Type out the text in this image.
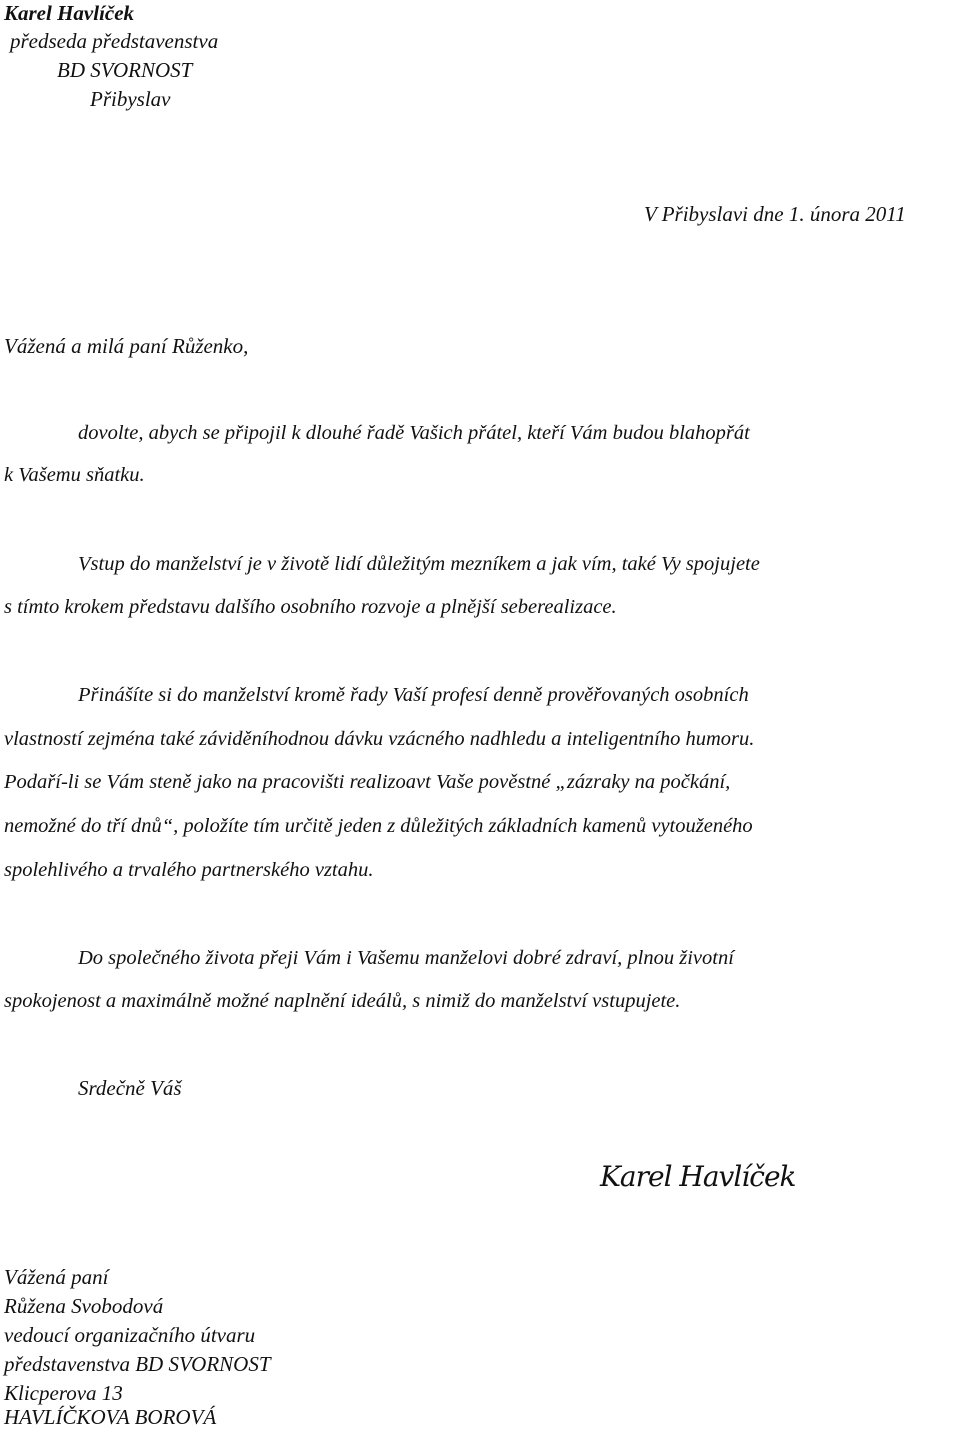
Karel Havlíček
předseda představenstva
BD SVORNOST
Přibyslav
V Přibyslavi dne 1. února 2011
Vážená a milá paní Růženko,
dovolte, abych se připojil k dlouhé řadě Vašich přátel, kteří Vám budou blahopřát
k Vašemu sňatku.
Vstup do manželství je v životě lidí důležitým mezníkem a jak vím, také Vy spojujete
s tímto krokem představu dalšího osobního rozvoje a plnější seberealizace.
Přinášíte si do manželství kromě řady Vaší profesí denně prověřovaných osobních
vlastností zejména také záviděníhodnou dávku vzácného nadhledu a inteligentního humoru.
Podaří-li se Vám steně jako na pracovišti realizoavt Vaše pověstné „zázraky na počkání,
nemožné do tří dnů“, položíte tím určitě jeden z důležitých základních kamenů vytouženého
spolehlivého a trvalého partnerského vztahu.
Do společného života přeji Vám i Vašemu manželovi dobré zdraví, plnou životní
spokojenost a maximálně možné naplnění ideálů, s nimiž do manželství vstupujete.
Srdečně Váš
Karel Havlíček
Vážená paní
Růžena Svobodová
vedoucí organizačního útvaru
představenstva BD SVORNOST
Klicperova 13
HAVLÍČKOVA BOROVÁ
